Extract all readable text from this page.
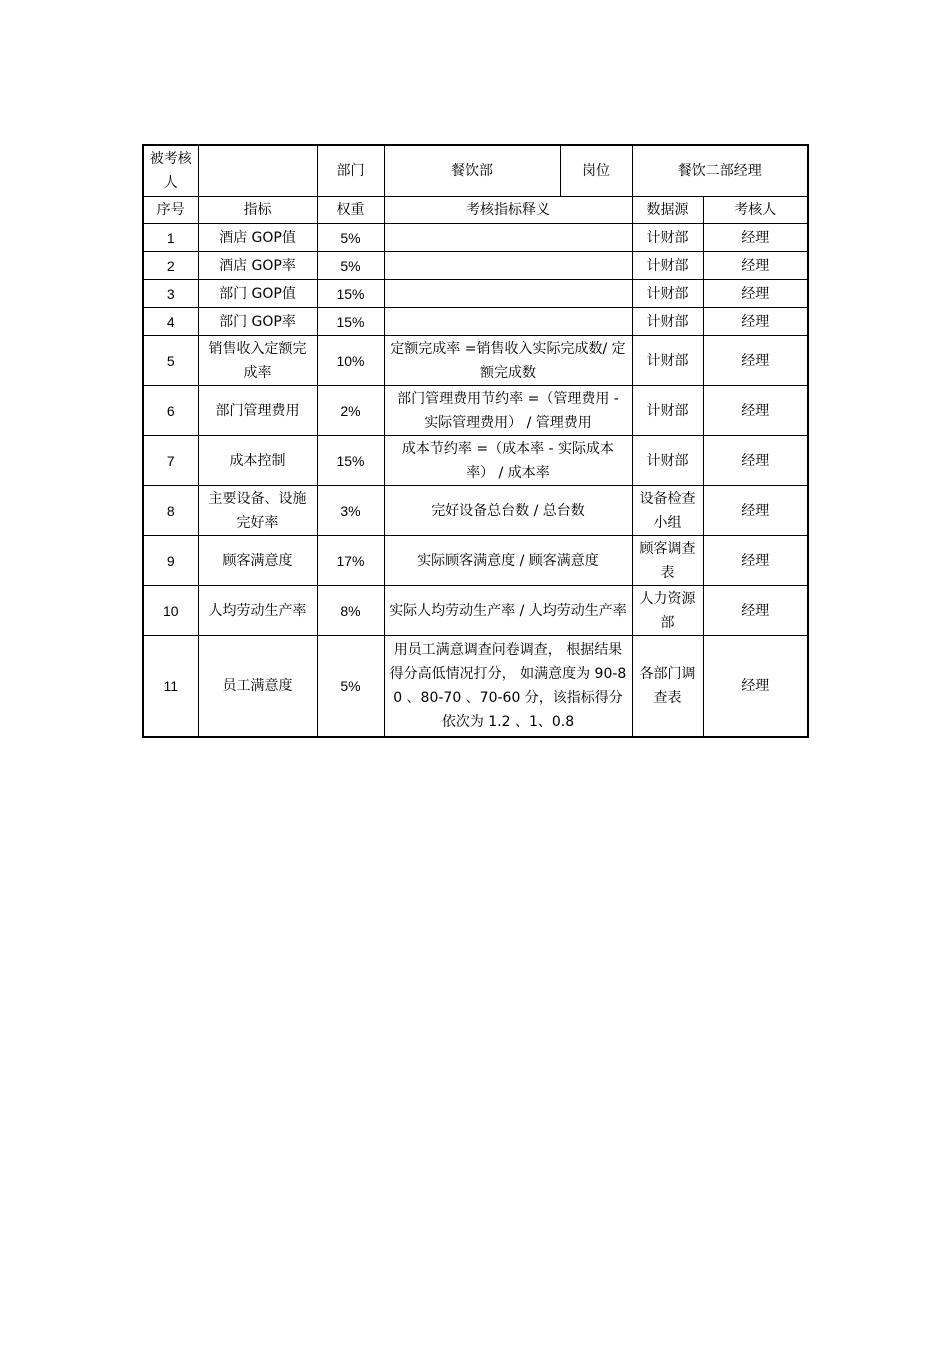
被考核人		部门	餐饮部	岗位	餐饮二部经理	
序号	指标	权重	考核指标释义		数据源	考核人
1	酒店 GOP值	5%			计财部	经理
2	酒店 GOP率	5%			计财部	经理
3	部门 GOP值	15%			计财部	经理
4	部门 GOP率	15%			计财部	经理
5	销售收入定额完成率	10%	定额完成率 =销售收入实际完成数/ 定额完成数		计财部	经理
6	部门管理费用	2%	部门管理费用节约率 =（管理费用 - 实际管理费用） / 管理费用		计财部	经理
7	成本控制	15%	成本节约率 =（成本率 - 实际成本率） / 成本率		计财部	经理
8	主要设备、设施完好率	3%	完好设备总台数 / 总台数		设备检查小组	经理
9	顾客满意度	17%	实际顾客满意度 / 顾客满意度		顾客调查表	经理
10	人均劳动生产率	8%	实际人均劳动生产率 / 人均劳动生产率		人力资源部	经理
11	员工满意度	5%	用员工满意调查问卷调查， 根据结果得分高低情况打分， 如满意度为 90-80 、80-70 、70-60 分，该指标得分依次为 1.2 、1、0.8		各部门调查表	经理
